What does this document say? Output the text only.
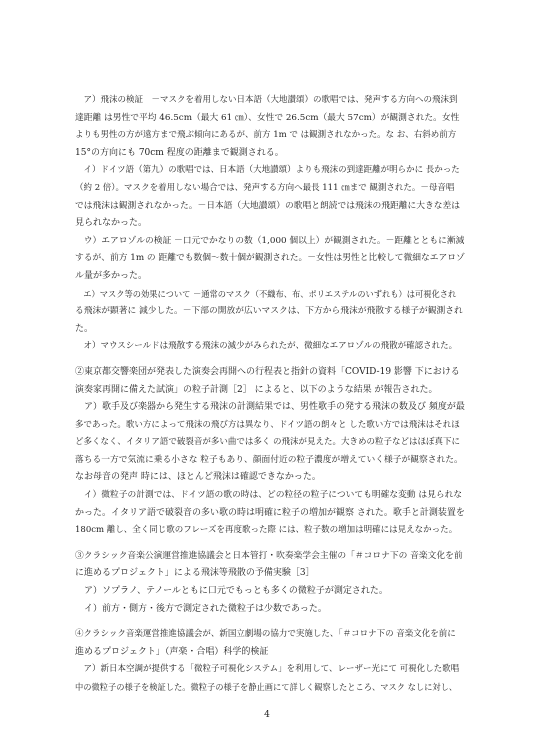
　ア）飛沫の検証　－マスクを着用しない日本語（大地讃頌）の歌唱では、発声する方向への飛沫到
達距離 は男性で平均 46.5cm（最大 61 ㎝）、女性で 26.5cm（最大 57cm）が観測された。女性
よりも男性の方が遠方まで飛ぶ傾向にあるが、前方 1m で は観測されなかった。な お、右斜め前方
15°の方向にも 70cm 程度の距離まで観測される。
　イ）ドイツ語（第九）の歌唱では、日本語（大地讃頌）よりも飛沫の到達距離が明らかに 長かった
（約 2 倍）。マスクを着用しない場合では、発声する方向へ最長 111 ㎝まで 観測された。－母音唱
では飛沫は観測されなかった。－日本語（大地讃頌）の歌唱と朗読では飛沫の飛距離に大きな差は
見られなかった。
　ウ）エアロゾルの検証 －口元でかなりの数（1,000 個以上）が観測された。－距離とともに漸減
するが、前方 1m の 距離でも数個～数十個が観測された。－女性は男性と比較して微細なエアロゾ
ル量が多かった。
　エ）マスク等の効果について －通常のマスク（不織布、布、ポリエステルのいずれも）は可視化され
る飛沫が顕著に 減少した。－下部の開放が広いマスクは、下方から飛沫が飛散する様子が観測され
た。
　オ）マウスシールドは飛散する飛沫の減少がみられたが、微細なエアロゾルの飛散が確認された。
②東京都交響楽団が発表した演奏会再開への行程表と指針の資料「COVID-19 影響 下における
演奏家再開に備えた試演」の粒子計測［2］ によると、以下のような結果 が報告された。
　ア）歌手及び楽器から発生する飛沫の計測結果では、男性歌手の発する飛沫の数及び 頻度が最
多であった。歌い方によって飛沫の飛び方は異なり、ドイツ語の朗々と した歌い方では飛沫はそれほ
ど多くなく、イタリア語で破裂音が多い曲では多く の飛沫が見えた。大きめの粒子などはほぼ真下に
落ちる一方で気流に乗る小さな 粒子もあり、顔面付近の粒子濃度が増えていく様子が観察された。
なお母音の発声 時には、ほとんど飛沫は確認できなかった。
　イ）微粒子の計測では、ドイツ語の歌の時は、どの粒径の粒子についても明確な変動 は見られな
かった。イタリア語で破裂音の多い歌の時は明確に粒子の増加が観察 された。歌手と計測装置を
180cm 離し、全く同じ歌のフレーズを再度歌った際 には、粒子数の増加は明確には見えなかった。
③クラシック音楽公演運営推進協議会と日本管打・吹奏楽学会主催の「＃コロナ下の 音楽文化を前
に進めるプロジェクト」による飛沫等飛散の予備実験［3］
　ア）ソプラノ、テノールともに口元でもっとも多くの微粒子が測定された。
　イ）前方・側方・後方で測定された微粒子は少数であった。
④クラシック音楽運営推進協議会が、新国立劇場の協力で実施した、「＃コロナ下の 音楽文化を前に
進めるプロジェクト」（声楽・合唱）科学的検証
　ア）新日本空調が提供する「微粒子可視化システム」を利用して、レーザー光にて 可視化した歌唱
中の微粒子の様子を検証した。微粒子の様子を静止画にて詳しく観察したところ、マスク なしに対し、
4
